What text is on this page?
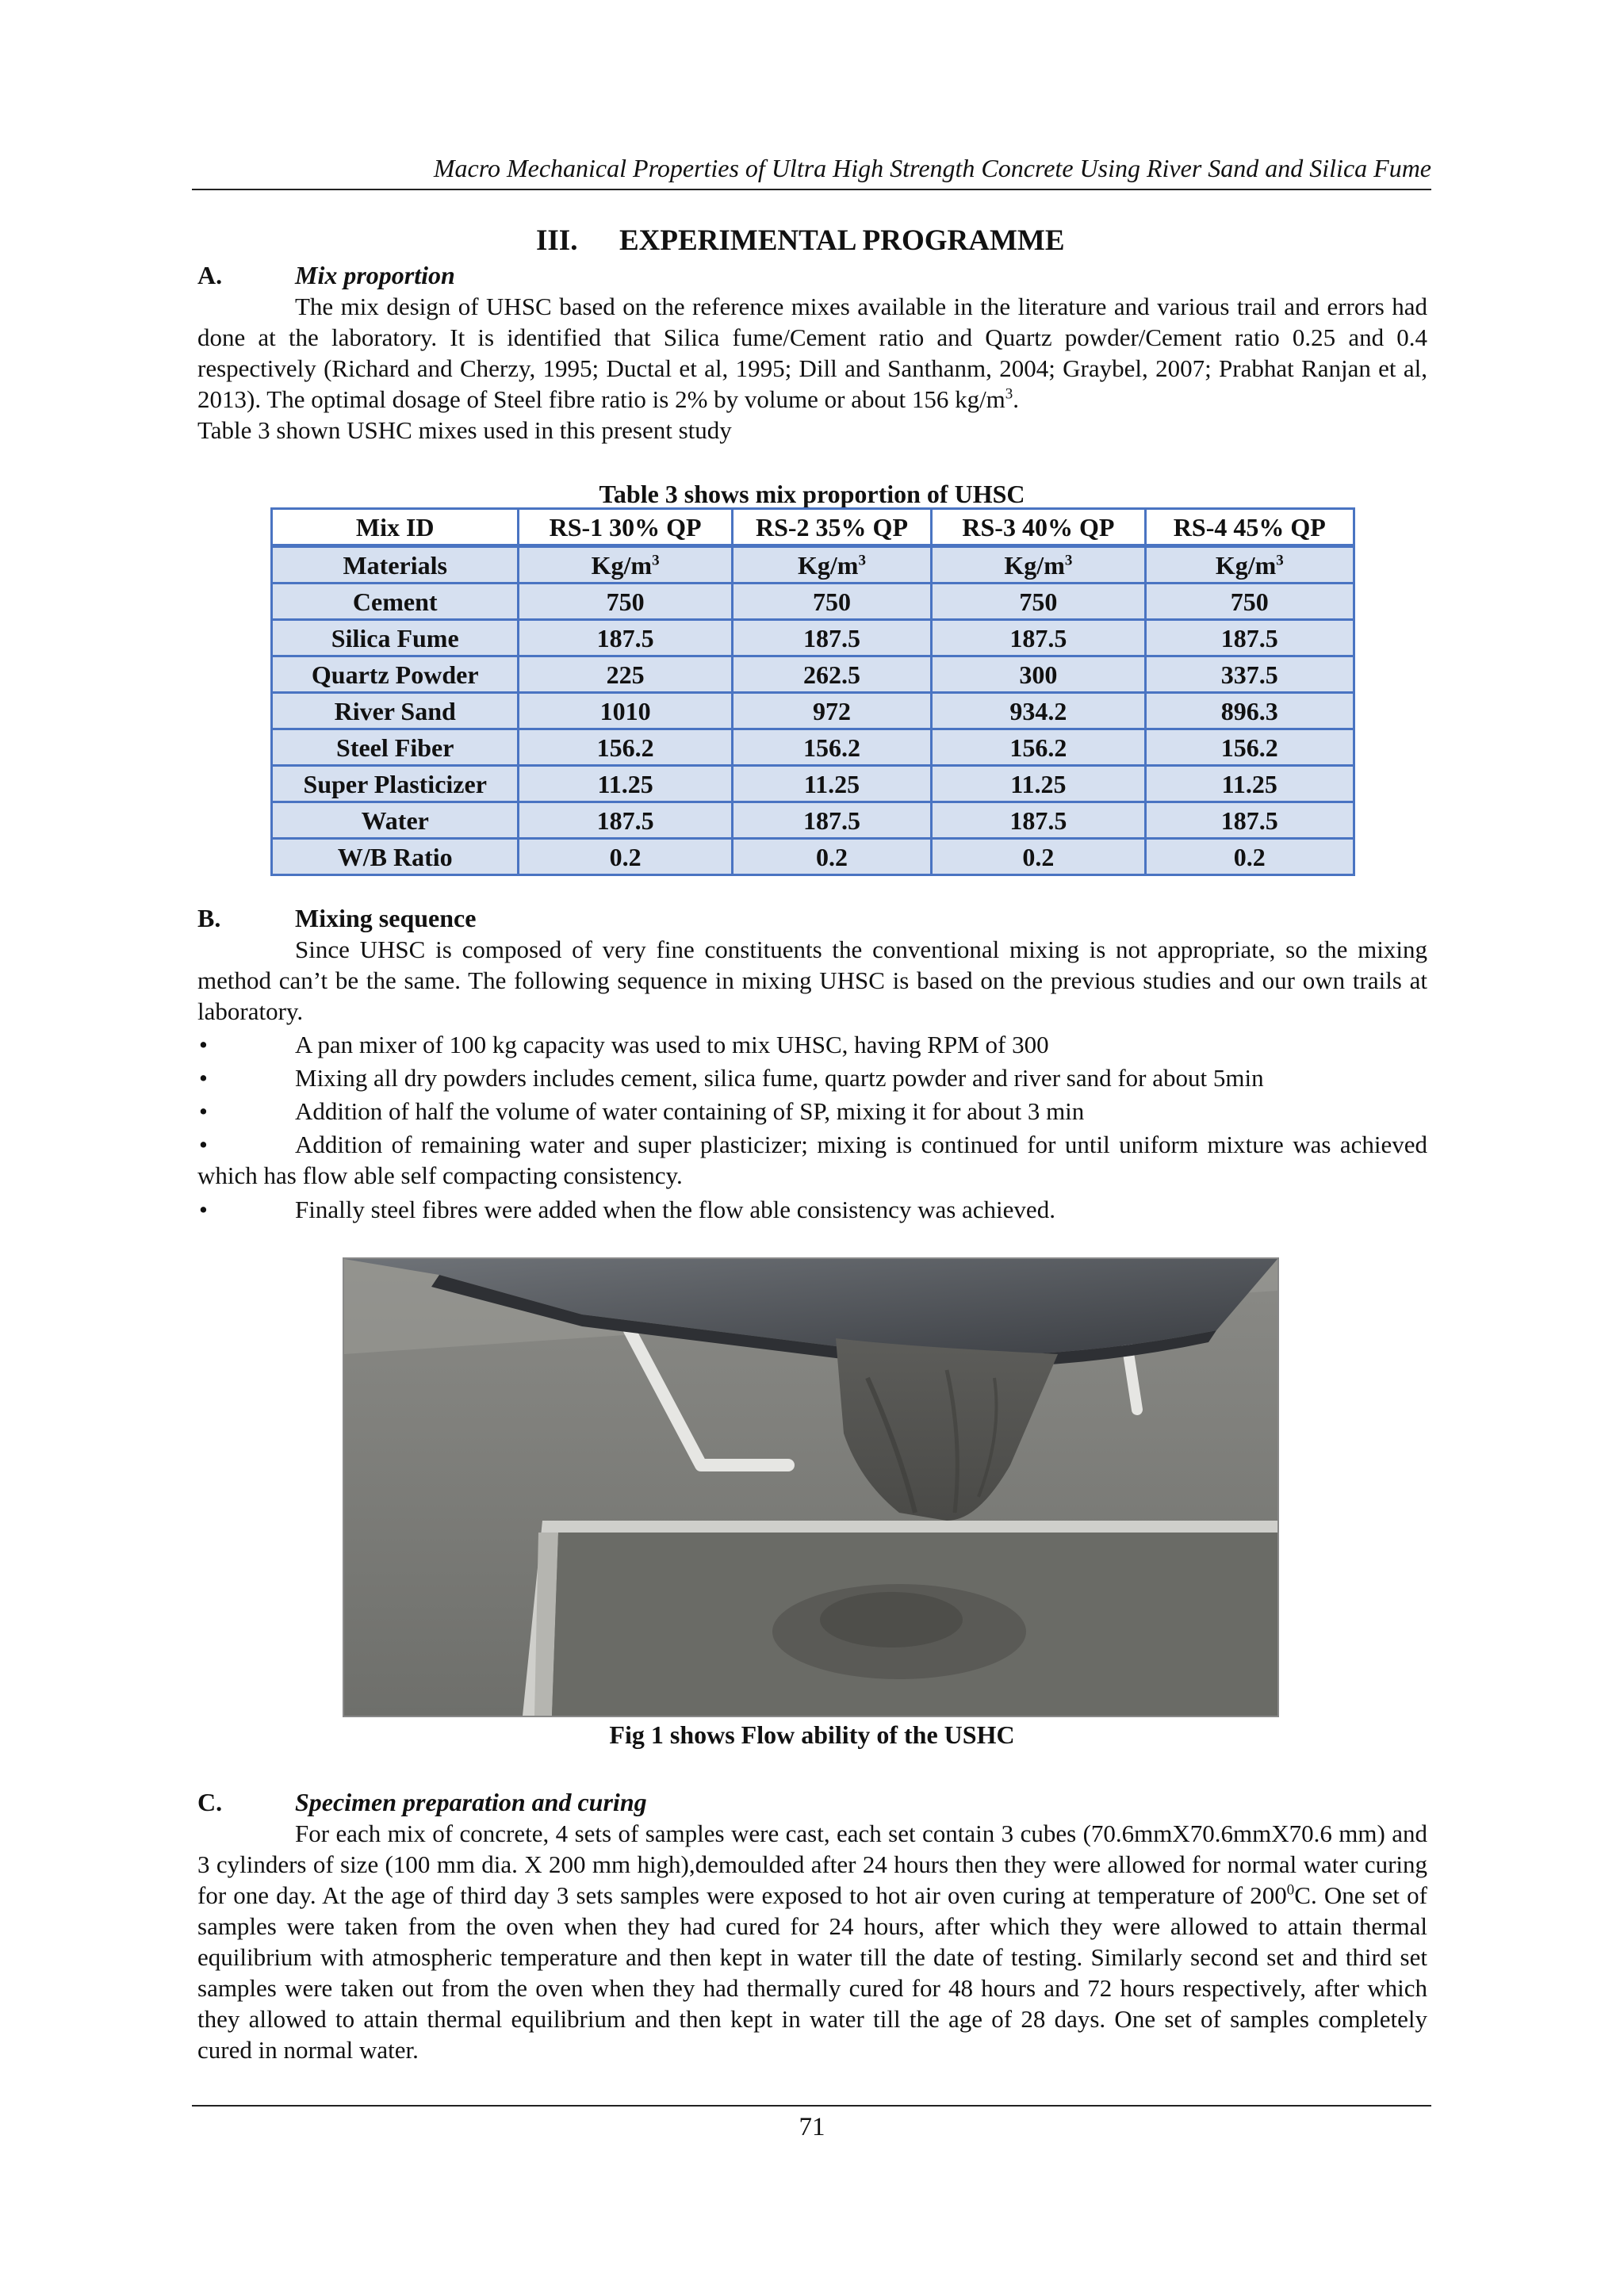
Macro Mechanical Properties of Ultra High Strength Concrete Using River Sand and Silica Fume
III. EXPERIMENTAL PROGRAMME
A.	Mix proportion
The mix design of UHSC based on the reference mixes available in the literature and various trail and errors had done at the laboratory. It is identified that Silica fume/Cement ratio and Quartz powder/Cement ratio 0.25 and 0.4 respectively (Richard and Cherzy, 1995; Ductal et al, 1995; Dill and Santhanm, 2004; Graybel, 2007; Prabhat Ranjan et al, 2013). The optimal dosage of Steel fibre ratio is 2% by volume or about 156 $kg/m^3$.
Table 3 shown USHC mixes used in this present study
Table 3 shows mix proportion of UHSC
Mix ID	RS-1 30% QP	RS-2 35% QP	RS-3 40% QP	RS-4 45% QP
Materials	$Kg/m^3$	$Kg/m^3$	$Kg/m^3$	$Kg/m^3$
Cement	750	750	750	750
Silica Fume	187.5	187.5	187.5	187.5
Quartz Powder	225	262.5	300	337.5
River Sand	1010	972	934.2	896.3
Steel Fiber	156.2	156.2	156.2	156.2
Super Plasticizer	11.25	11.25	11.25	11.25
Water	187.5	187.5	187.5	187.5
W/B Ratio	0.2	0.2	0.2	0.2
B.	Mixing sequence
Since UHSC is composed of very fine constituents the conventional mixing is not appropriate, so the mixing method can’t be the same. The following sequence in mixing UHSC is based on the previous studies and our own trails at laboratory.
•	A pan mixer of 100 kg capacity was used to mix UHSC, having RPM of 300
•	Mixing all dry powders includes cement, silica fume, quartz powder and river sand for about 5min
•	Addition of half the volume of water containing of SP, mixing it for about 3 min
•	Addition of remaining water and super plasticizer; mixing is continued for until uniform mixture was achieved which has flow able self compacting consistency.
•	Finally steel fibres were added when the flow able consistency was achieved.
Fig 1 shows Flow ability of the USHC
C.	Specimen preparation and curing
For each mix of concrete, 4 sets of samples were cast, each set contain 3 cubes (70.6mmX70.6mmX70.6 mm) and 3 cylinders of size (100 mm dia. X 200 mm high),demoulded after 24 hours then they were allowed for normal water curing for one day. At the age of third day 3 sets samples were exposed to hot air oven curing at temperature of $200^0C$. One set of samples were taken from the oven when they had cured for 24 hours, after which they were allowed to attain thermal equilibrium with atmospheric temperature and then kept in water till the date of testing. Similarly second set and third set samples were taken out from the oven when they had thermally cured for 48 hours and 72 hours respectively, after which they allowed to attain thermal equilibrium and then kept in water till the age of 28 days. One set of samples completely cured in normal water.
71
